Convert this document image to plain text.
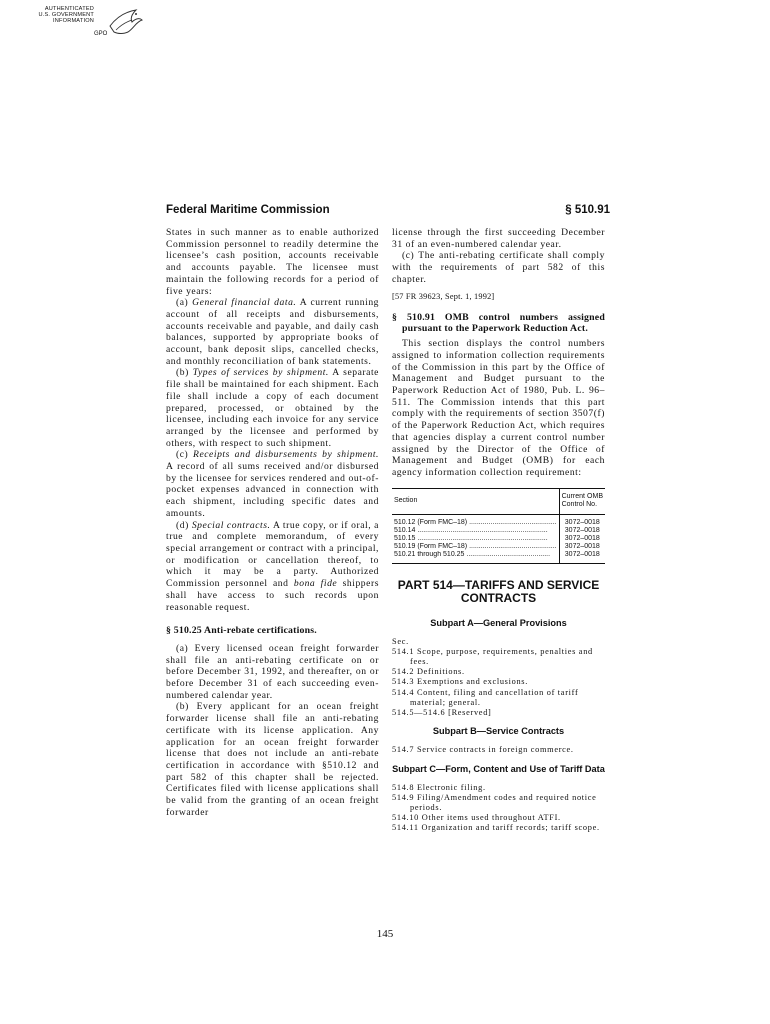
AUTHENTICATED
U.S. GOVERNMENT
INFORMATION
GPO
Federal Maritime Commission	§ 510.91

States in such manner as to enable authorized Commission personnel to readily determine the licensee’s cash position, accounts receivable and accounts payable. The licensee must maintain the following records for a period of five years:

(a) General financial data. A current running account of all receipts and disbursements, accounts receivable and payable, and daily cash balances, supported by appropriate books of account, bank deposit slips, cancelled checks, and monthly reconciliation of bank statements.

(b) Types of services by shipment. A separate file shall be maintained for each shipment. Each file shall include a copy of each document prepared, processed, or obtained by the licensee, including each invoice for any service arranged by the licensee and performed by others, with respect to such shipment.

(c) Receipts and disbursements by shipment. A record of all sums received and/or disbursed by the licensee for services rendered and out-of-pocket expenses advanced in connection with each shipment, including specific dates and amounts.

(d) Special contracts. A true copy, or if oral, a true and complete memorandum, of every special arrangement or contract with a principal, or modification or cancellation thereof, to which it may be a party. Authorized Commission personnel and bona fide shippers shall have access to such records upon reasonable request.

§ 510.25 Anti-rebate certifications.

(a) Every licensed ocean freight forwarder shall file an anti-rebating certificate on or before December 31, 1992, and thereafter, on or before December 31 of each succeeding even-numbered calendar year.

(b) Every applicant for an ocean freight forwarder license shall file an anti-rebating certificate with its license application. Any application for an ocean freight forwarder license that does not include an anti-rebate certification in accordance with §510.12 and part 582 of this chapter shall be rejected. Certificates filed with license applications shall be valid from the granting of an ocean freight forwarder

license through the first succeeding December 31 of an even-numbered calendar year.

(c) The anti-rebating certificate shall comply with the requirements of part 582 of this chapter.

[57 FR 39623, Sept. 1, 1992]

§ 510.91 OMB control numbers assigned pursuant to the Paperwork Reduction Act.

This section displays the control numbers assigned to information collection requirements of the Commission in this part by the Office of Management and Budget pursuant to the Paperwork Reduction Act of 1980, Pub. L. 96–511. The Commission intends that this part comply with the requirements of section 3507(f) of the Paperwork Reduction Act, which requires that agencies display a current control number assigned by the Director of the Office of Management and Budget (OMB) for each agency information collection requirement:

Section	Current OMB Control No.
510.12 (Form FMC–18) .............................................	3072–0018
510.14 ...................................................................	3072–0018
510.15 ...................................................................	3072–0018
510.19 (Form FMC–18) .............................................	3072–0018
510.21 through 510.25 ...........................................	3072–0018

PART 514—TARIFFS AND SERVICE CONTRACTS

Subpart A—General Provisions

Sec.

514.1 Scope, purpose, requirements, penalties and fees.

514.2 Definitions.

514.3 Exemptions and exclusions.

514.4 Content, filing and cancellation of tariff material; general.

514.5—514.6 [Reserved]

Subpart B—Service Contracts

514.7 Service contracts in foreign commerce.

Subpart C—Form, Content and Use of Tariff Data

514.8 Electronic filing.

514.9 Filing/Amendment codes and required notice periods.

514.10 Other items used throughout ATFI.

514.11 Organization and tariff records; tariff scope.

145
